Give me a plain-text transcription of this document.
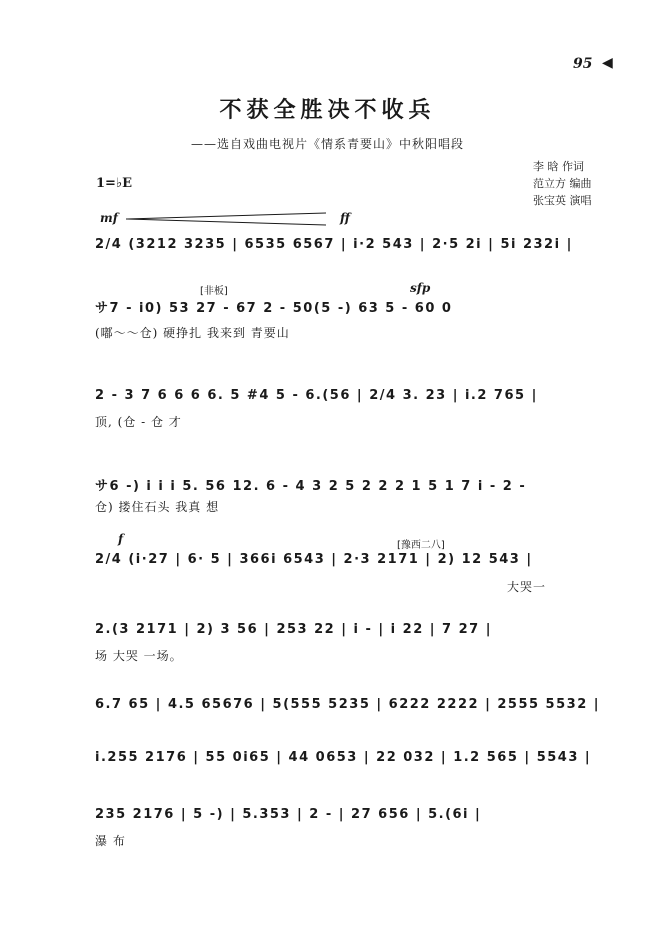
95 ◀
不获全胜决不收兵
——选自戏曲电视片《情系青要山》中秋阳唱段
李 晗 作词
范立方 编曲
张宝英 演唱
1=♭E
mf	ff
2/4 (3212 3235 | 6535 6567 | i·2 543 | 2·5 2i | 5i 232i |
[非板]	sfp
サ7 - i0) 53 27 - 67 2 - 50(5 -) 63 5 - 60 0
(嘟～～仓) 硬挣扎 我来到 青要山
2 - 3 7 6 6 6 6. 5 #4 5 - 6.(56 | 2/4 3. 23 | i.2 765 |
顶, (仓 - 仓 才
サ6 -) i i i 5. 56 12. 6 - 4 3 2 5 2 2 2 1 5 1 7 i - 2 -
仓) 搂住石头 我真 想
f	[豫西二八]
2/4 (i·27 | 6· 5 | 366i 6543 | 2·3 2171 | 2) 12 543 |
大哭一
2.(3 2171 | 2) 3 56 | 253 22 | i - | i 22 | 7 27 |
场 大哭 一场。
6.7 65 | 4.5 65676 | 5(555 5235 | 6222 2222 | 2555 5532 |
i.255 2176 | 55 0i65 | 44 0653 | 22 032 | 1.2 565 | 5543 |
235 2176 | 5 -) | 5.353 | 2 - | 27 656 | 5.(6i |
瀑 布
